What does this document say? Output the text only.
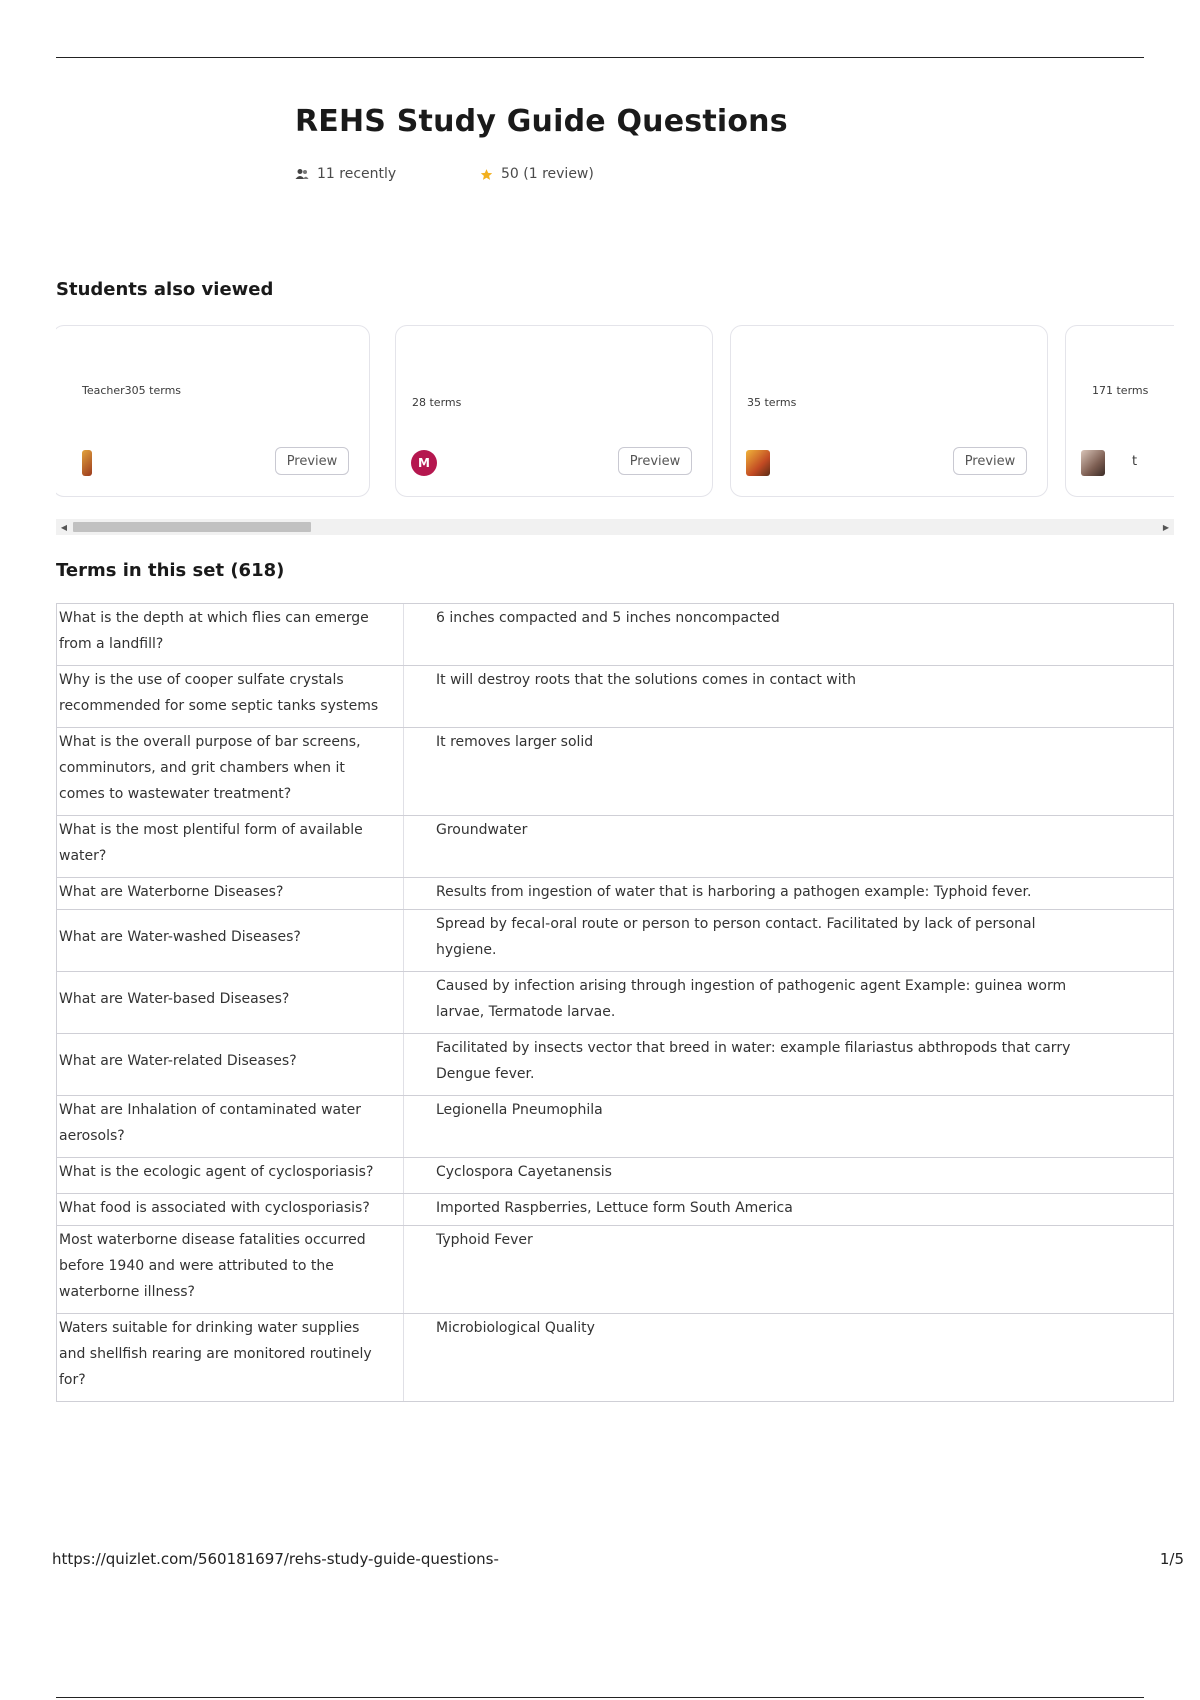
REHS Study Guide Questions
11 recently	50 (1 review)
Students also viewed
Teacher305 terms
Preview
28 terms
M	Preview
35 terms
Preview
171 terms
t
◀	▶
Terms in this set (618)
What is the depth at which flies can emerge from a landfill?	6 inches compacted and 5 inches noncompacted
Why is the use of cooper sulfate crystals recommended for some septic tanks systems	It will destroy roots that the solutions comes in contact with
What is the overall purpose of bar screens, comminutors, and grit chambers when it comes to wastewater treatment?	It removes larger solid
What is the most plentiful form of available water?	Groundwater
What are Waterborne Diseases?	Results from ingestion of water that is harboring a pathogen example: Typhoid fever.
What are Water-washed Diseases?	Spread by fecal-oral route or person to person contact. Facilitated by lack of personal hygiene.
What are Water-based Diseases?	Caused by infection arising through ingestion of pathogenic agent Example: guinea worm larvae, Termatode larvae.
What are Water-related Diseases?	Facilitated by insects vector that breed in water: example filariastus abthropods that carry Dengue fever.
What are Inhalation of contaminated water aerosols?	Legionella Pneumophila
What is the ecologic agent of cyclosporiasis?	Cyclospora Cayetanensis
What food is associated with cyclosporiasis?	Imported Raspberries, Lettuce form South America
Most waterborne disease fatalities occurred before 1940 and were attributed to the waterborne illness?	Typhoid Fever
Waters suitable for drinking water supplies and shellfish rearing are monitored routinely for?	Microbiological Quality
https://quizlet.com/560181697/rehs-study-guide-questions-	1/5
